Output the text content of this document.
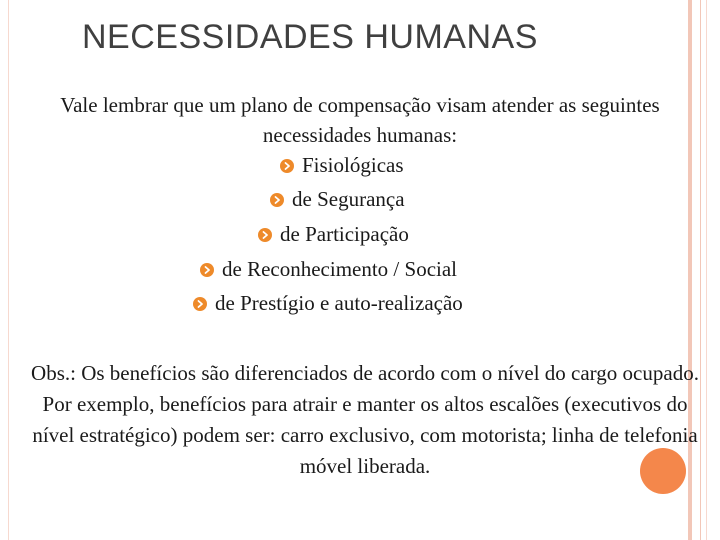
NECESSIDADES HUMANAS
Vale lembrar que um plano de compensação visam atender as seguintes necessidades humanas:
Fisiológicas
de Segurança
de Participação
de Reconhecimento / Social
de Prestígio e auto-realização
Obs.: Os benefícios são diferenciados de acordo com o nível do cargo ocupado. Por exemplo, benefícios para atrair e manter os altos escalões (executivos do nível estratégico) podem ser: carro exclusivo, com motorista; linha de telefonia móvel liberada.
